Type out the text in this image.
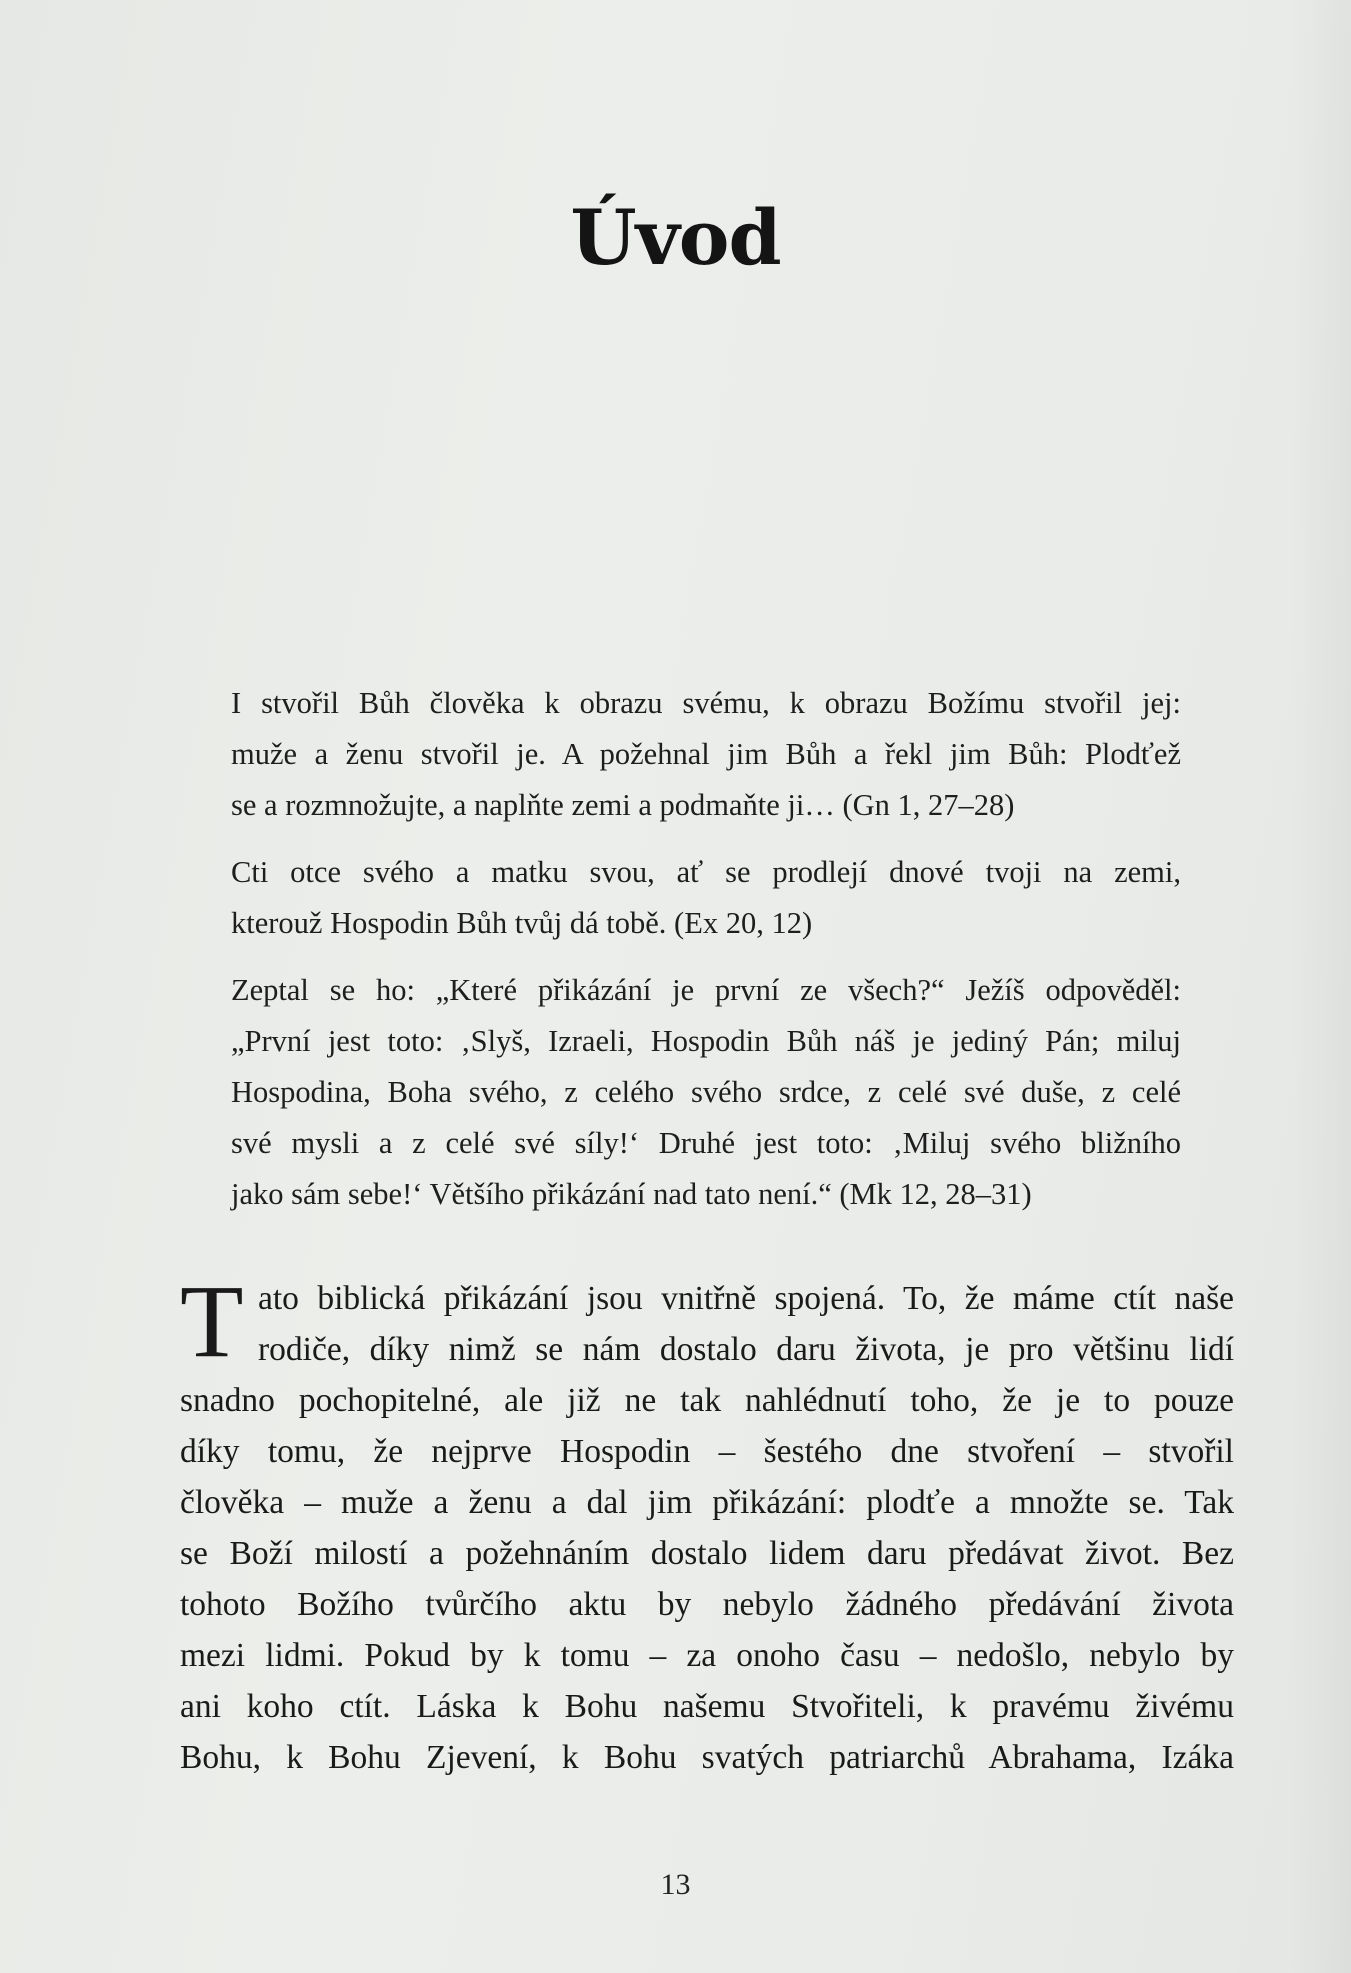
Úvod

I stvořil Bůh člověka k obrazu svému, k obrazu Božímu stvořil jej:
muže a ženu stvořil je. A požehnal jim Bůh a řekl jim Bůh: Plodťež
se a rozmnožujte, a naplňte zemi a podmaňte ji… (Gn 1, 27–28)

Cti otce svého a matku svou, ať se prodlejí dnové tvoji na zemi,
kterouž Hospodin Bůh tvůj dá tobě. (Ex 20, 12)

Zeptal se ho: „Které přikázání je první ze všech?“ Ježíš odpověděl:
„První jest toto: ‚Slyš, Izraeli, Hospodin Bůh náš je jediný Pán; miluj
Hospodina, Boha svého, z celého svého srdce, z celé své duše, z celé
své mysli a z celé své síly!‘ Druhé jest toto: ‚Miluj svého bližního
jako sám sebe!‘ Většího přikázání nad tato není.“ (Mk 12, 28–31)

T ato biblická přikázání jsou vnitřně spojená. To, že máme ctít naše
rodiče, díky nimž se nám dostalo daru života, je pro většinu lidí
snadno pochopitelné, ale již ne tak nahlédnutí toho, že je to pouze
díky tomu, že nejprve Hospodin – šestého dne stvoření – stvořil
člověka – muže a ženu a dal jim přikázání: plodťe a množte se. Tak
se Boží milostí a požehnáním dostalo lidem daru předávat život. Bez
tohoto Božího tvůrčího aktu by nebylo žádného předávání života
mezi lidmi. Pokud by k tomu – za onoho času – nedošlo, nebylo by
ani koho ctít. Láska k Bohu našemu Stvořiteli, k pravému živému
Bohu, k Bohu Zjevení, k Bohu svatých patriarchů Abrahama, Izáka
13
